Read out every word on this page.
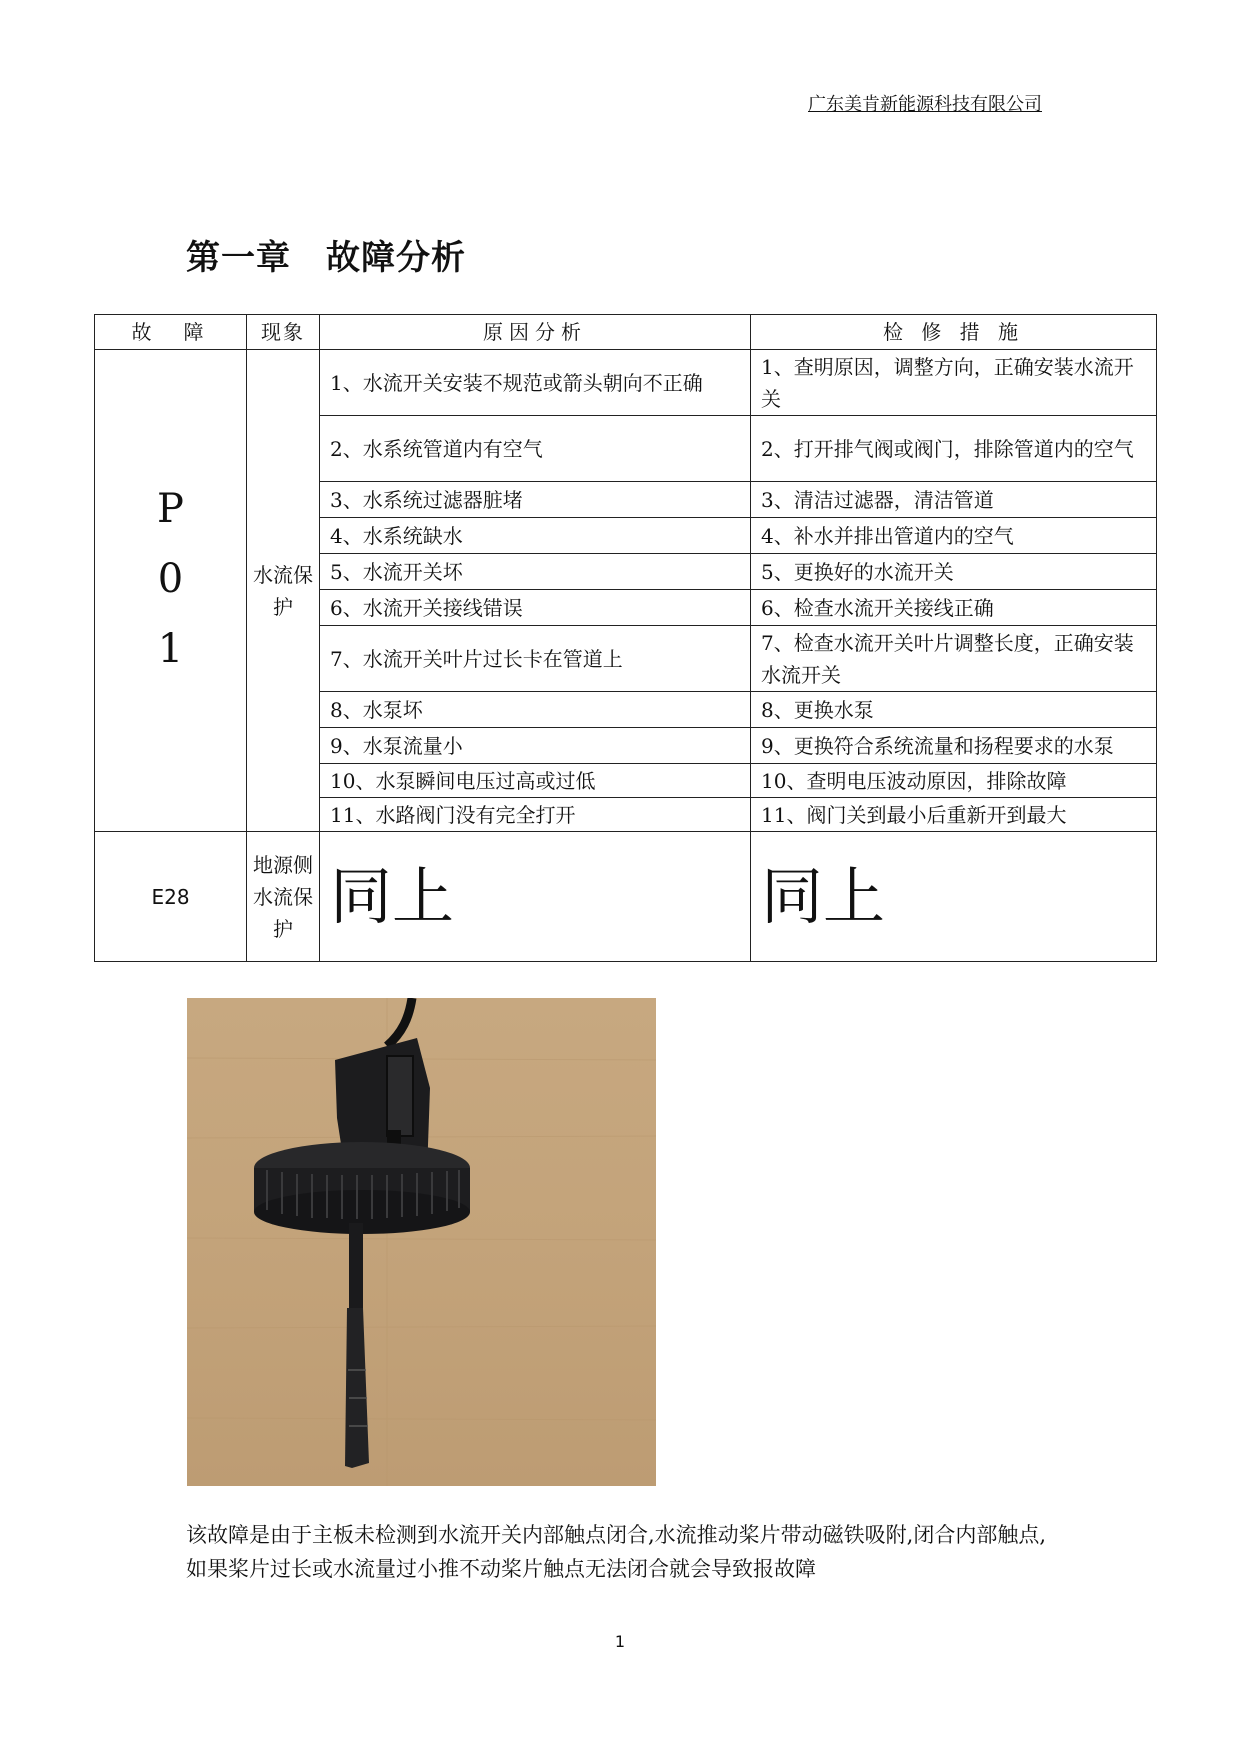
广东美肯新能源科技有限公司
第一章　故障分析
故　障	现象	原因分析	检 修 措 施

P01	水流保护	1、水流开关安装不规范或箭头朝向不正确	1、查明原因，调整方向，正确安装水流开关
		2、水系统管道内有空气	2、打开排气阀或阀门，排除管道内的空气
		3、水系统过滤器脏堵	3、清洁过滤器，清洁管道
		4、水系统缺水	4、补水并排出管道内的空气
		5、水流开关坏	5、更换好的水流开关
		6、水流开关接线错误	6、检查水流开关接线正确
		7、水流开关叶片过长卡在管道上	7、检查水流开关叶片调整长度，正确安装水流开关
		8、水泵坏	8、更换水泵
		9、水泵流量小	9、更换符合系统流量和扬程要求的水泵
		10、水泵瞬间电压过高或过低	10、查明电压波动原因，排除故障
		11、水路阀门没有完全打开	11、阀门关到最小后重新开到最大
E28	地源侧水流保护	同上	同上
该故障是由于主板未检测到水流开关内部触点闭合,水流推动桨片带动磁铁吸附,闭合内部触点,如果桨片过长或水流量过小推不动桨片触点无法闭合就会导致报故障
1
